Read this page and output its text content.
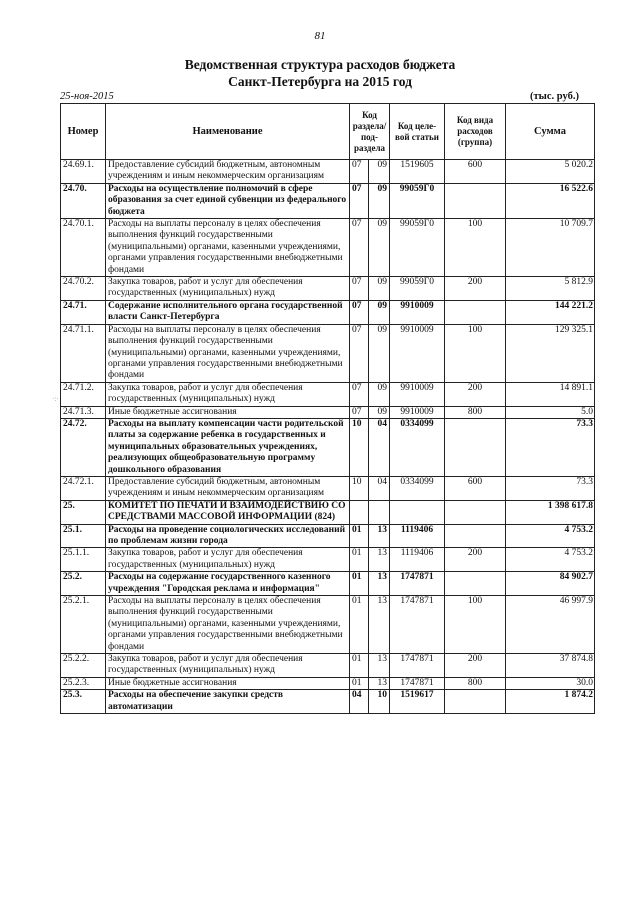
81
Ведомственная структура расходов бюджета
Санкт-Петербурга на 2015 год
25-ноя-2015	(тыс. руб.)
Номер	Наименование	Код раздела/ под-раздела		Код целе-вой статьи	Код вида расходов (группа)	Сумма
24.69.1.	Предоставление субсидий бюджетным, автономным учреждениям и иным некоммерческим организациям	07	09	1519605	600	5 020.2
24.70.	Расходы на осуществление полномочий в сфере образования за счет единой субвенции из федерального бюджета	07	09	99059Г0		16 522.6
24.70.1.	Расходы на выплаты персоналу в целях обеспечения выполнения функций государственными (муниципальными) органами, казенными учреждениями, органами управления государственными внебюджетными фондами	07	09	99059Г0	100	10 709.7
24.70.2.	Закупка товаров, работ и услуг для обеспечения государственных (муниципальных) нужд	07	09	99059Г0	200	5 812.9
24.71.	Содержание исполнительного органа государственной власти Санкт-Петербурга	07	09	9910009		144 221.2
24.71.1.	Расходы на выплаты персоналу в целях обеспечения выполнения функций государственными (муниципальными) органами, казенными учреждениями, органами управления государственными внебюджетными фондами	07	09	9910009	100	129 325.1
24.71.2.	Закупка товаров, работ и услуг для обеспечения государственных (муниципальных) нужд	07	09	9910009	200	14 891.1
24.71.3.	Иные бюджетные ассигнования	07	09	9910009	800	5.0
24.72.	Расходы на выплату компенсации части родительской платы за содержание ребенка в государственных и муниципальных образовательных учреждениях, реализующих общеобразовательную программу дошкольного образования	10	04	0334099		73.3
24.72.1.	Предоставление субсидий бюджетным, автономным учреждениям и иным некоммерческим организациям	10	04	0334099	600	73.3
25.	КОМИТЕТ ПО ПЕЧАТИ И ВЗАИМОДЕЙСТВИЮ СО СРЕДСТВАМИ МАССОВОЙ ИНФОРМАЦИИ (824)					1 398 617.8
25.1.	Расходы на проведение социологических исследований по проблемам жизни города	01	13	1119406		4 753.2
25.1.1.	Закупка товаров, работ и услуг для обеспечения государственных (муниципальных) нужд	01	13	1119406	200	4 753.2
25.2.	Расходы на содержание государственного казенного учреждения "Городская реклама и информация"	01	13	1747871		84 902.7
25.2.1.	Расходы на выплаты персоналу в целях обеспечения выполнения функций государственными (муниципальными) органами, казенными учреждениями, органами управления государственными внебюджетными фондами	01	13	1747871	100	46 997.9
25.2.2.	Закупка товаров, работ и услуг для обеспечения государственных (муниципальных) нужд	01	13	1747871	200	37 874.8
25.2.3.	Иные бюджетные ассигнования	01	13	1747871	800	30.0
25.3.	Расходы на обеспечение закупки средств автоматизации	04	10	1519617		1 874.2
·:·
